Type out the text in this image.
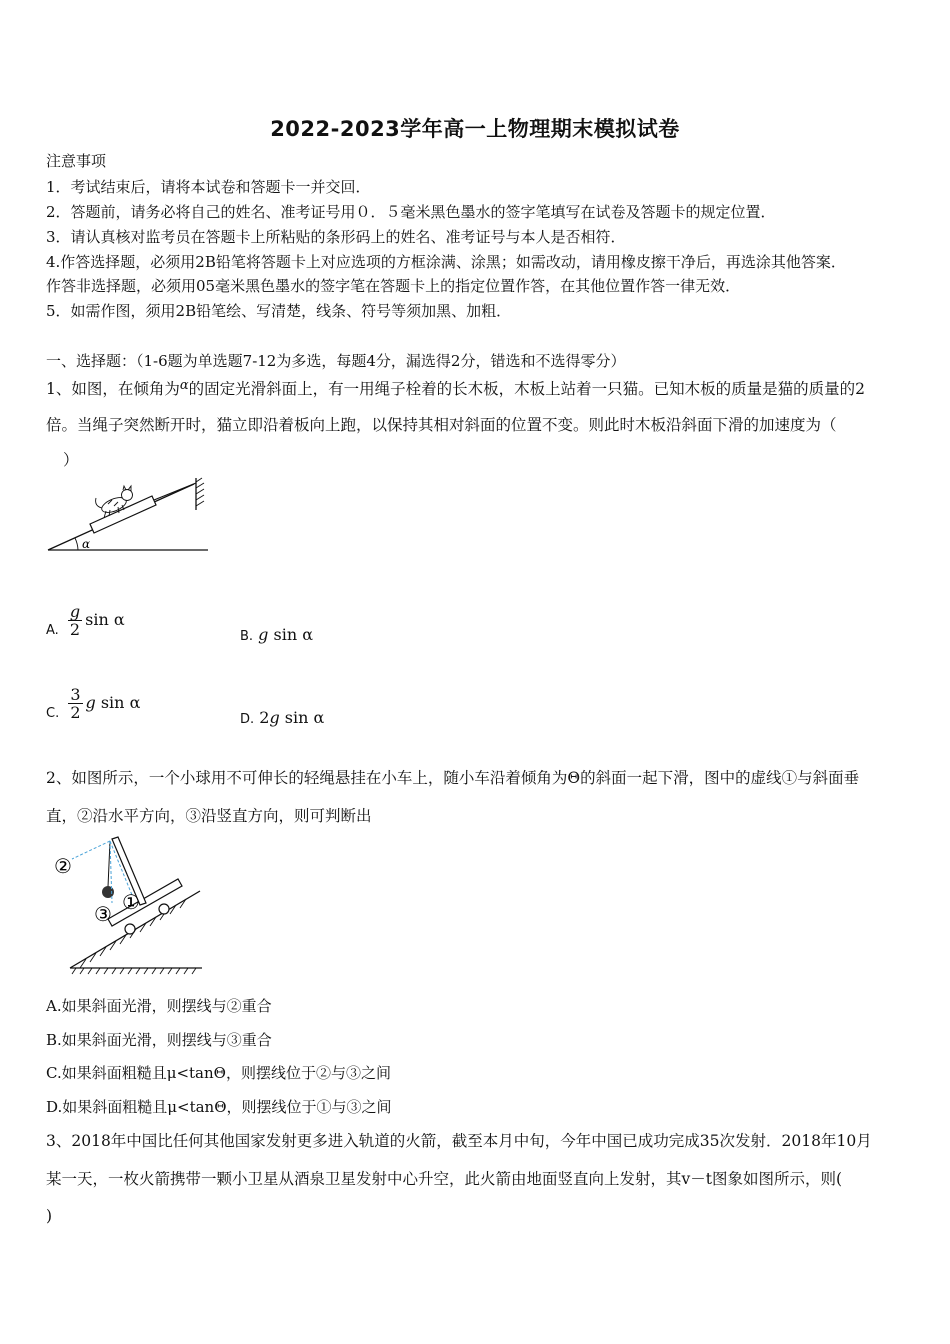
2022-2023学年高一上物理期末模拟试卷
注意事项
1．考试结束后，请将本试卷和答题卡一并交回．
2．答题前，请务必将自己的姓名、准考证号用０．５毫米黑色墨水的签字笔填写在试卷及答题卡的规定位置．
3．请认真核对监考员在答题卡上所粘贴的条形码上的姓名、准考证号与本人是否相符．
4.作答选择题，必须用2B铅笔将答题卡上对应选项的方框涂满、涂黑；如需改动，请用橡皮擦干净后，再选涂其他答案．
作答非选择题，必须用05毫米黑色墨水的签字笔在答题卡上的指定位置作答，在其他位置作答一律无效．
5．如需作图，须用2B铅笔绘、写清楚，线条、符号等须加黑、加粗．
一、选择题：（1-6题为单选题7-12为多选，每题4分，漏选得2分，错选和不选得零分）
1、如图，在倾角为$^\alpha$的固定光滑斜面上，有一用绳子栓着的长木板，木板上站着一只猫。已知木板的质量是猫的质量的2
倍。当绳子突然断开时，猫立即沿着板向上跑，以保持其相对斜面的位置不变。则此时木板沿斜面下滑的加速度为（
）
α
$_{A.} \frac{g}{2}$ sin α
B. g sin α
$_{C.} \frac{3}{2}$ g sin α
D. 2g sin α
2、如图所示，一个小球用不可伸长的轻绳悬挂在小车上，随小车沿着倾角为Θ的斜面一起下滑，图中的虚线①与斜面垂
直，②沿水平方向，③沿竖直方向，则可判断出
②
③ ①
A.如果斜面光滑，则摆线与②重合
B.如果斜面光滑，则摆线与③重合
C.如果斜面粗糙且μ<tanΘ，则摆线位于②与③之间
D.如果斜面粗糙且μ<tanΘ，则摆线位于①与③之间
3、2018年中国比任何其他国家发射更多进入轨道的火箭，截至本月中旬，今年中国已成功完成35次发射．2018年10月
某一天，一枚火箭携带一颗小卫星从酒泉卫星发射中心升空，此火箭由地面竖直向上发射，其v－t图象如图所示，则(
)
